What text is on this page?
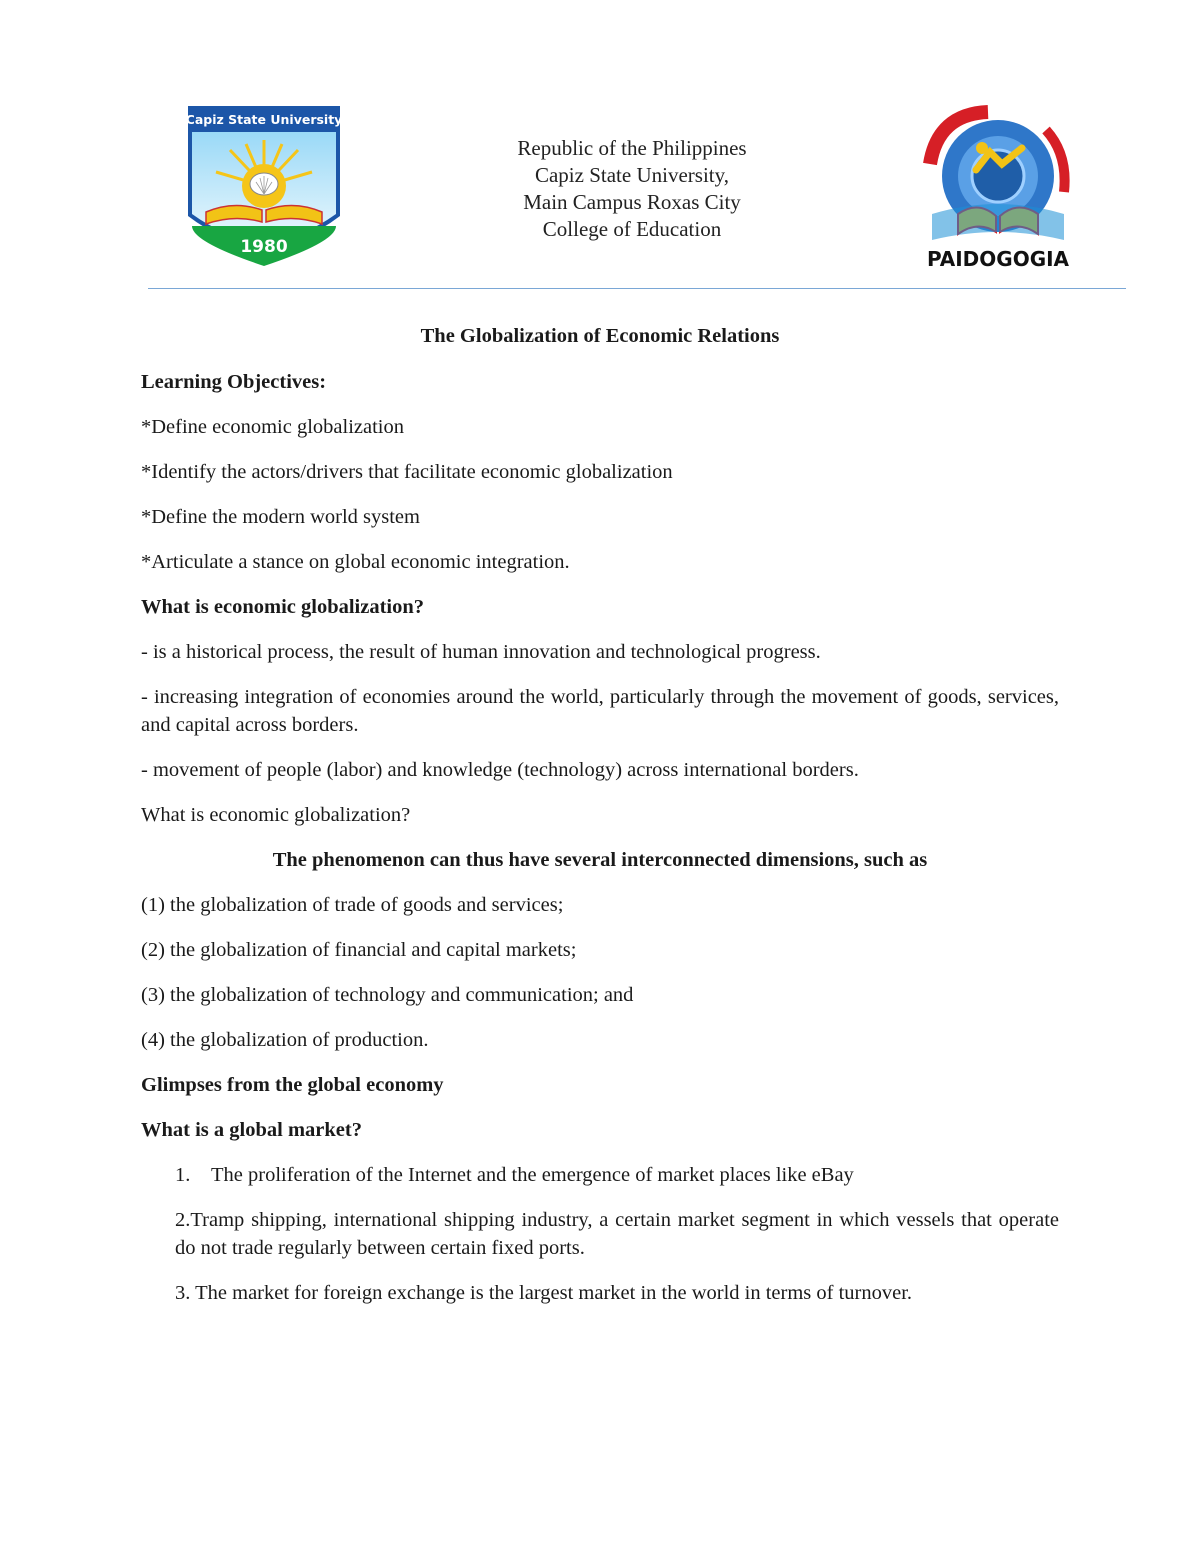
Capiz State University
1980
Republic of the Philippines
Capiz State University,
Main Campus Roxas City
College of Education
PAIDOGOGIA
The Globalization of Economic Relations
Learning Objectives:
*Define economic globalization
*Identify the actors/drivers that facilitate economic globalization
*Define the modern world system
*Articulate a stance on global economic integration.
What is economic globalization?
- is a historical process, the result of human innovation and technological progress.
- increasing integration of economies around the world, particularly through the movement of goods, services, and capital across borders.
- movement of people (labor) and knowledge (technology) across international borders.
What is economic globalization?
The phenomenon can thus have several interconnected dimensions, such as
(1) the globalization of trade of goods and services;
(2) the globalization of financial and capital markets;
(3) the globalization of technology and communication; and
(4) the globalization of production.
Glimpses from the global economy
What is a global market?
1. The proliferation of the Internet and the emergence of market places like eBay
2.Tramp shipping, international shipping industry, a certain market segment in which vessels that operate do not trade regularly between certain fixed ports.
3. The market for foreign exchange is the largest market in the world in terms of turnover.
